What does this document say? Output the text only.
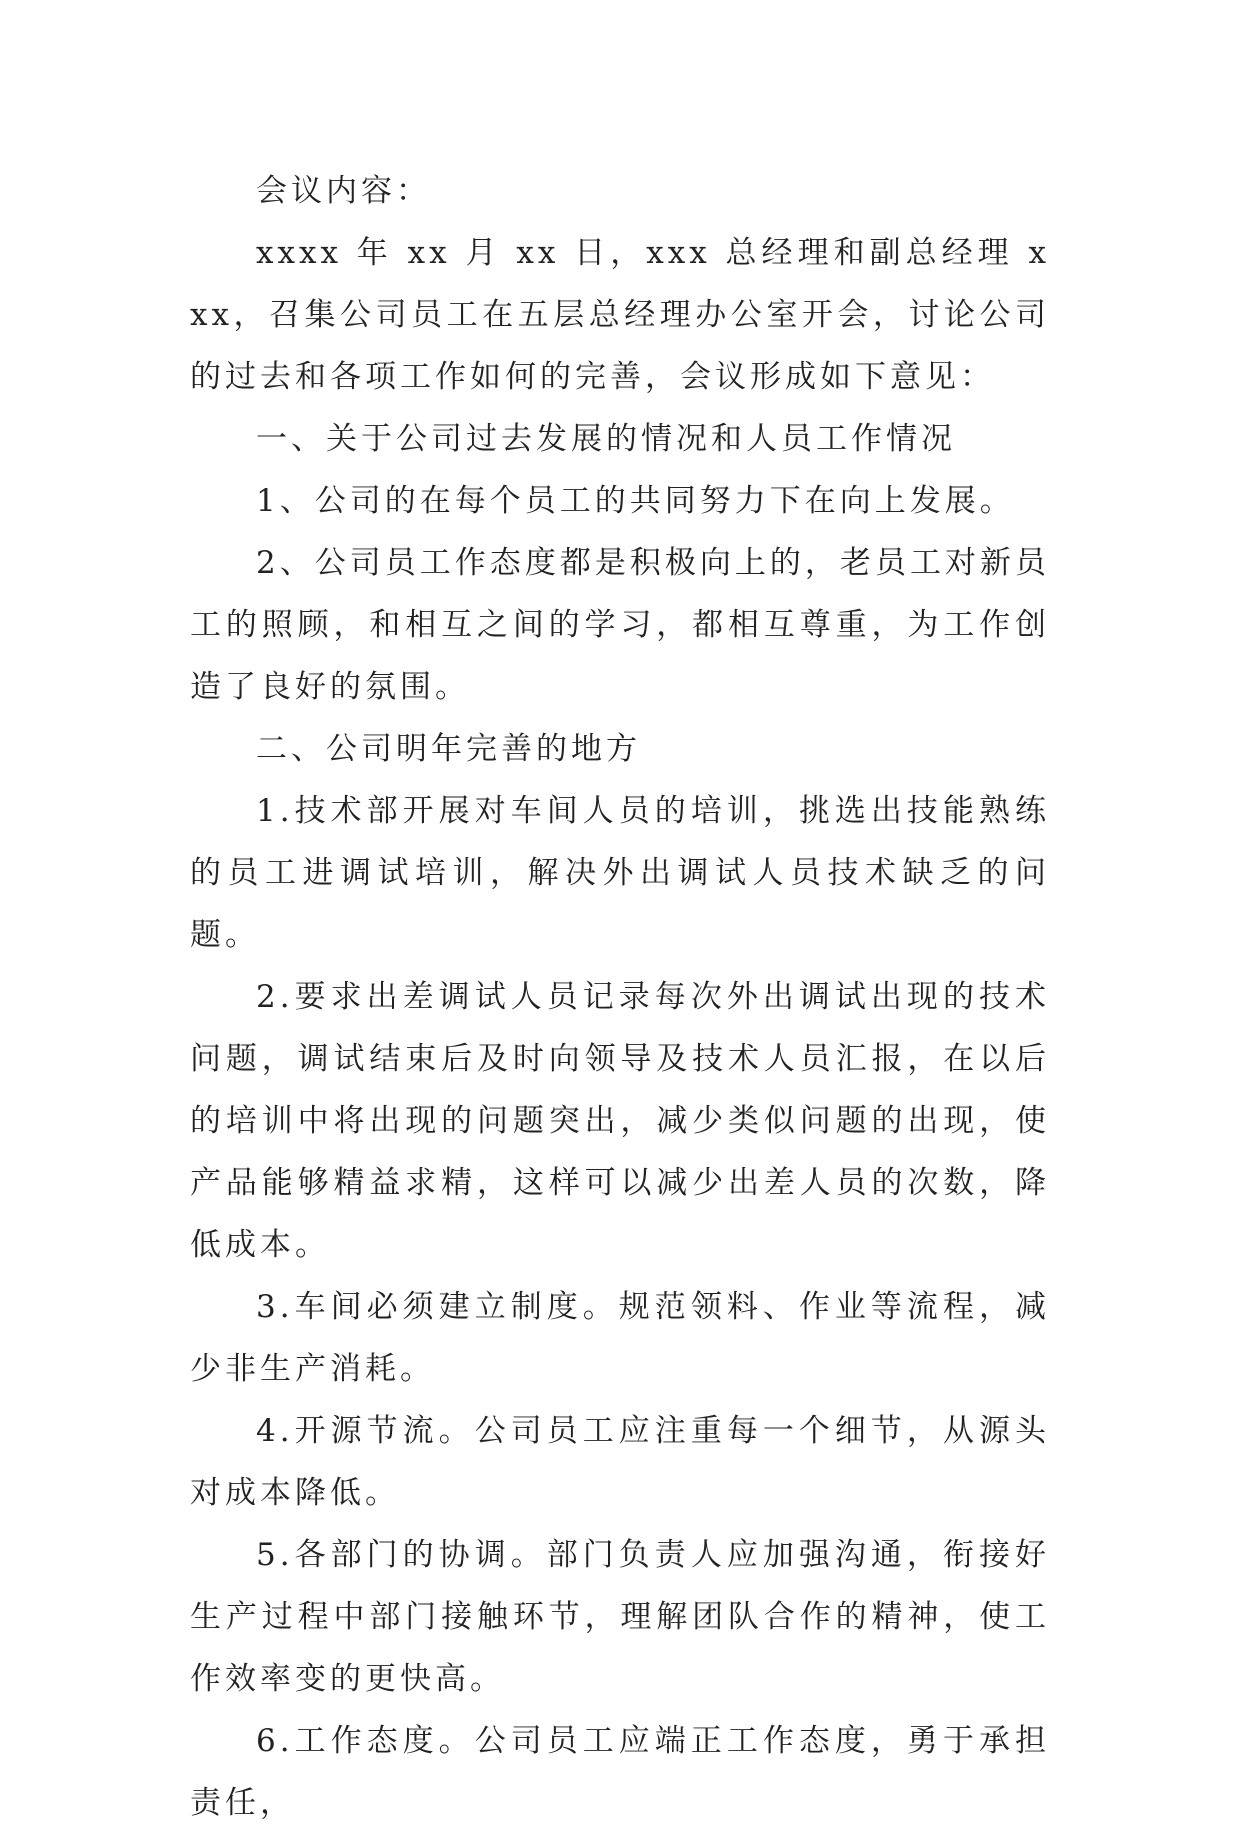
会议内容：

xxxx 年 xx 月 xx 日，xxx 总经理和副总经理 xxx，召集公司员工在五层总经理办公室开会，讨论公司的过去和各项工作如何的完善，会议形成如下意见：

一、关于公司过去发展的情况和人员工作情况

1、公司的在每个员工的共同努力下在向上发展。

2、公司员工作态度都是积极向上的，老员工对新员工的照顾，和相互之间的学习，都相互尊重，为工作创造了良好的氛围。

二、公司明年完善的地方

1.技术部开展对车间人员的培训，挑选出技能熟练的员工进调试培训，解决外出调试人员技术缺乏的问题。

2.要求出差调试人员记录每次外出调试出现的技术问题，调试结束后及时向领导及技术人员汇报，在以后的培训中将出现的问题突出，减少类似问题的出现，使产品能够精益求精，这样可以减少出差人员的次数，降低成本。

3.车间必须建立制度。规范领料、作业等流程，减少非生产消耗。

4.开源节流。公司员工应注重每一个细节，从源头对成本降低。

5.各部门的协调。部门负责人应加强沟通，衔接好生产过程中部门接触环节，理解团队合作的精神，使工作效率变的更快高。

6.工作态度。公司员工应端正工作态度，勇于承担责任，
